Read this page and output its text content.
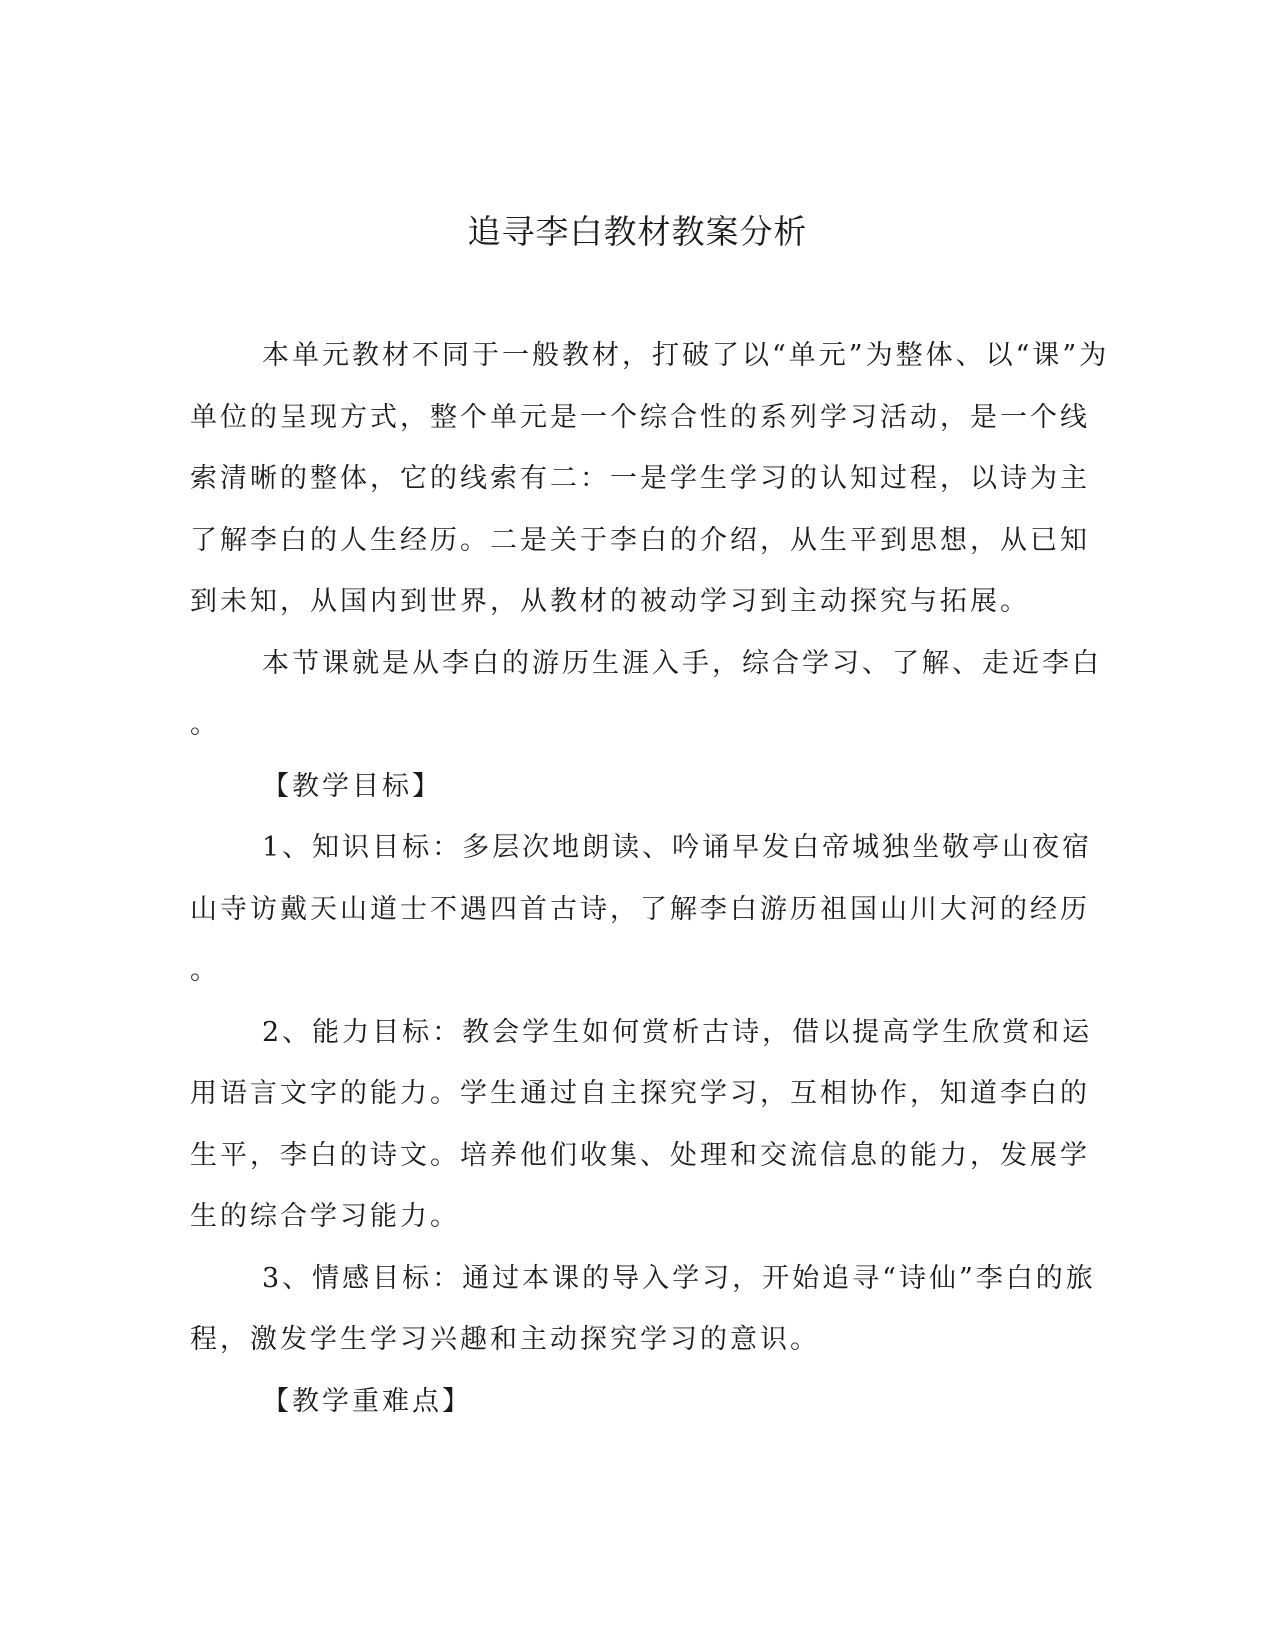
追寻李白教材教案分析
本单元教材不同于一般教材，打破了以“单元”为整体、以“课”为
单位的呈现方式，整个单元是一个综合性的系列学习活动，是一个线
索清晰的整体，它的线索有二：一是学生学习的认知过程，以诗为主
了解李白的人生经历。二是关于李白的介绍，从生平到思想，从已知
到未知，从国内到世界，从教材的被动学习到主动探究与拓展。
本节课就是从李白的游历生涯入手，综合学习、了解、走近李白
。
【教学目标】
1、知识目标：多层次地朗读、吟诵早发白帝城独坐敬亭山夜宿
山寺访戴天山道士不遇四首古诗，了解李白游历祖国山川大河的经历
。
2、能力目标：教会学生如何赏析古诗，借以提高学生欣赏和运
用语言文字的能力。学生通过自主探究学习，互相协作，知道李白的
生平，李白的诗文。培养他们收集、处理和交流信息的能力，发展学
生的综合学习能力。
3、情感目标：通过本课的导入学习，开始追寻“诗仙”李白的旅
程，激发学生学习兴趣和主动探究学习的意识。
【教学重难点】
